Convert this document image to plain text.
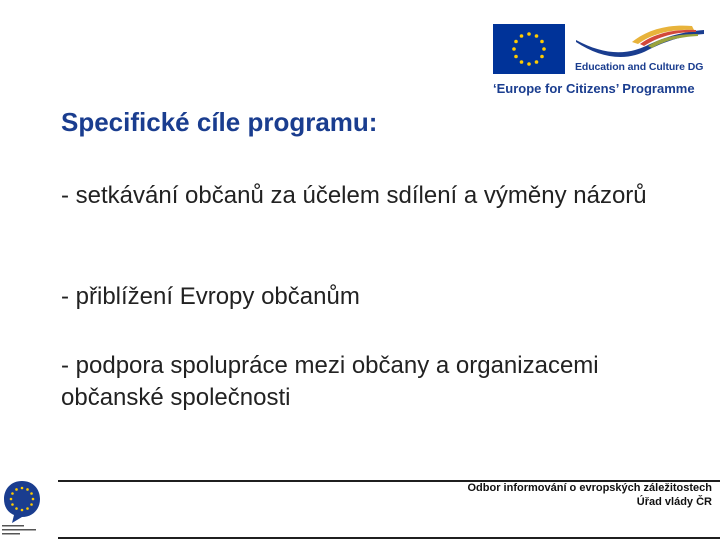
Education and Culture DG
‘Europe for Citizens’ Programme
Specifické cíle programu:
- setkávání občanů za účelem sdílení a výměny názorů
- přiblížení Evropy občanům
- podpora spolupráce mezi občany a organizacemi občanské společnosti
Odbor informování o evropských záležitostech
Úřad vlády ČR
